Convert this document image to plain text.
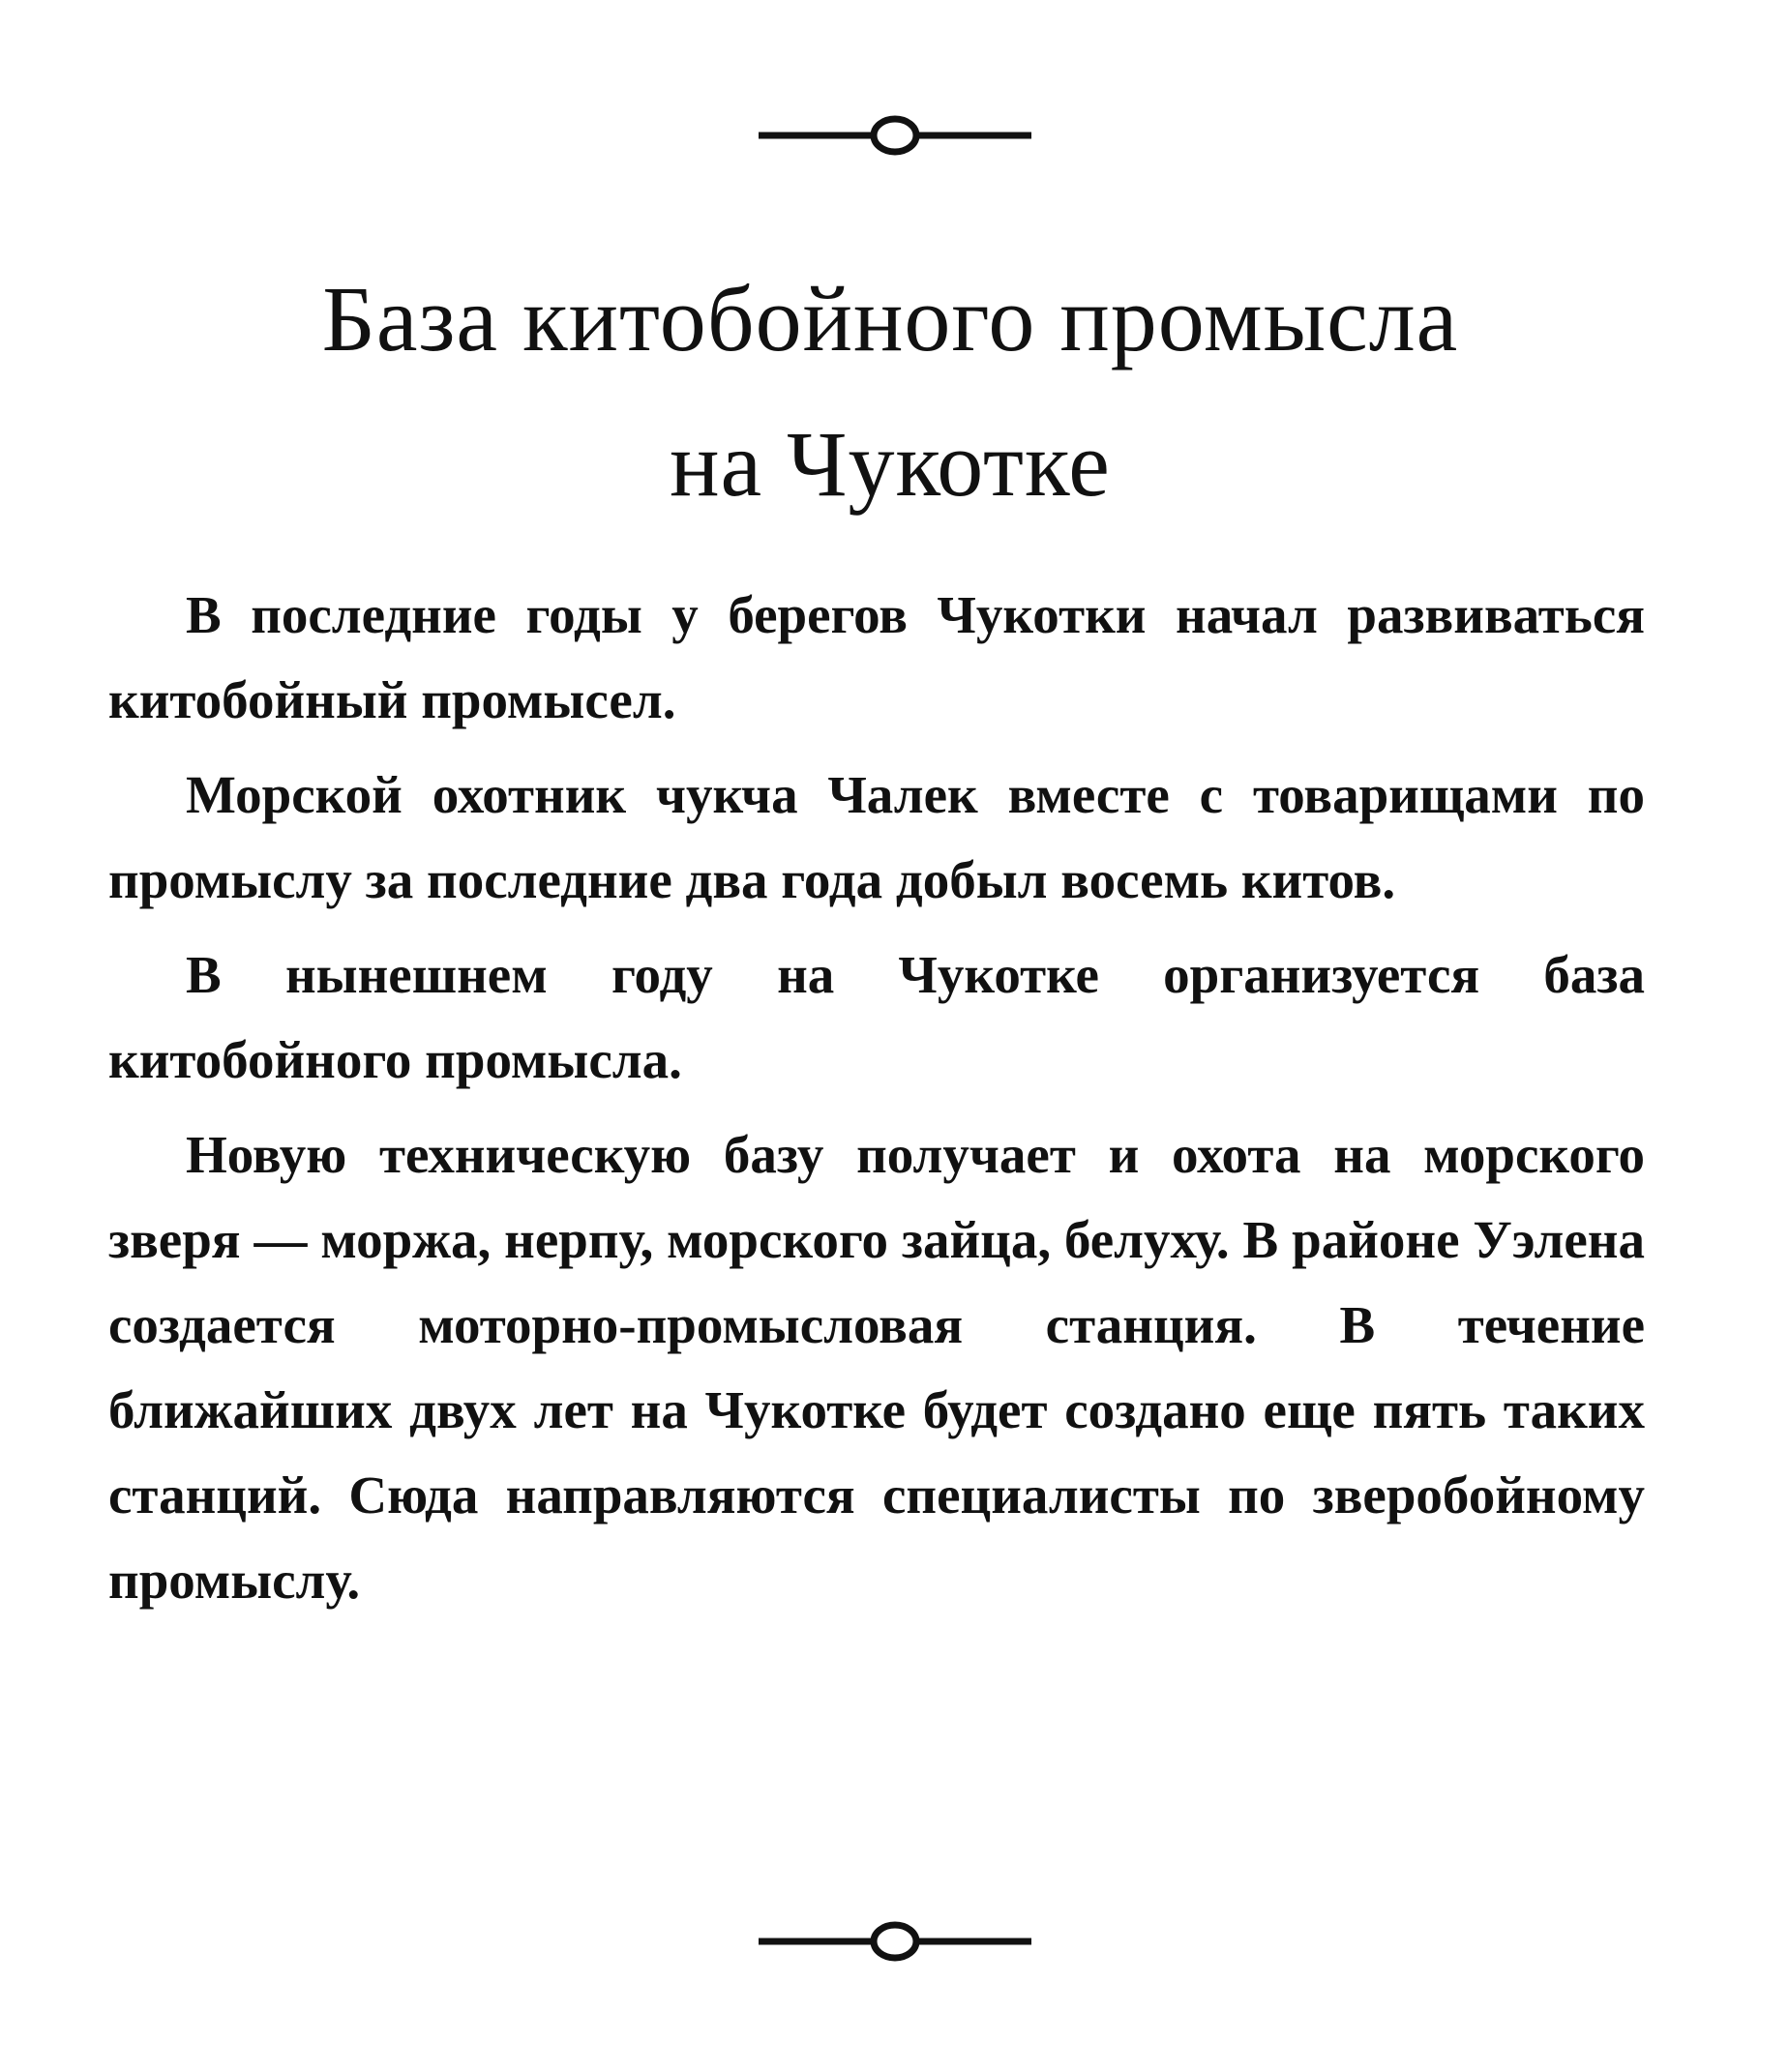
База китобойного промысла
на Чукотке

В последние годы у берегов Чукотки начал развиваться китобойный промысел.

Морской охотник чукча Чалек вместе с товарищами по промыслу за последние два года добыл восемь китов.

В нынешнем году на Чукотке организуется база китобойного промысла.

Новую техническую базу получает и охота на морского зверя — моржа, нерпу, морского зайца, белуху. В районе Уэлена создается моторно-промысловая станция. В течение ближайших двух лет на Чукотке будет создано еще пять таких станций. Сюда направляются специалисты по зверобойному промыслу.
